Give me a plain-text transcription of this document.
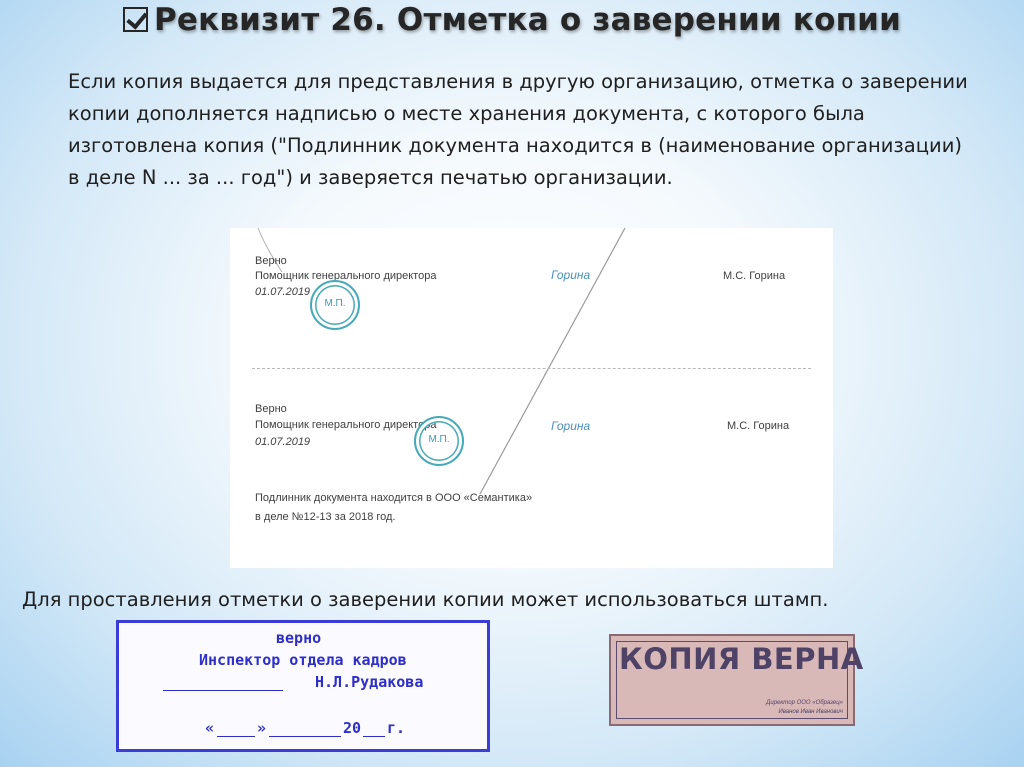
Реквизит 26. Отметка о заверении копии
Если копия выдается для представления в другую организацию, отметка о заверении копии дополняется надписью о месте хранения документа, с которого была изготовлена копия ("Подлинник документа находится в (наименование организации) в деле N ... за ... год") и заверяется печатью организации.
Верно
Помощник генерального директора
01.07.2019
М.П.
Горина	М.С. Горина
Верно
Помощник генерального директора
01.07.2019	М.П.
Горина	М.С. Горина
Подлинник документа находится в ООО «Семантика»
в деле №12-13 за 2018 год.
Для проставления отметки о заверении копии может использоваться штамп.
верно
Инспектор отдела кадров
Н.Л.Рудакова
«	»	20 г.
КОПИЯ ВЕРНА
Директор ООО «Образец»
Иванов Иван Иванович
